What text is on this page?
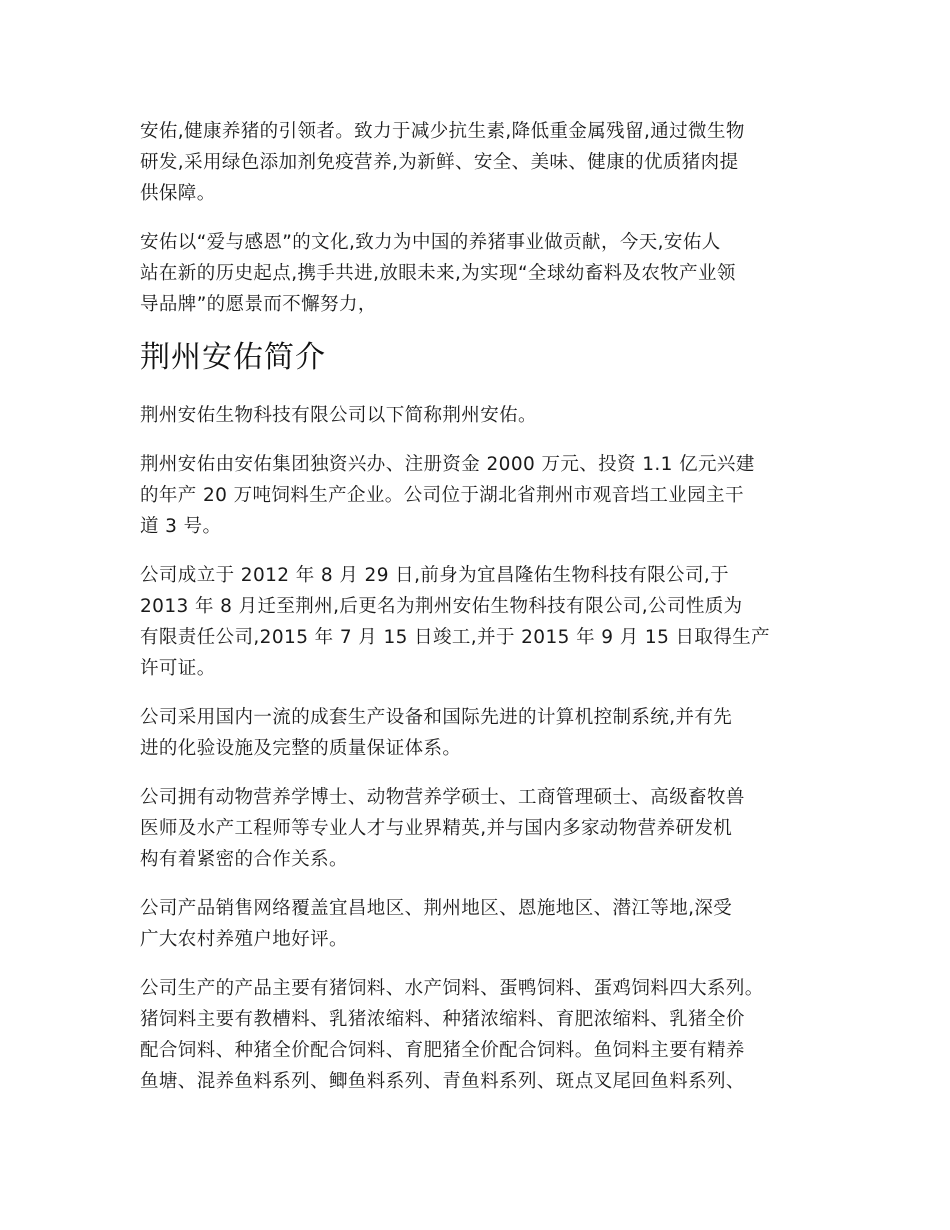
安佑,健康养猪的引领者。致力于减少抗生素,降低重金属残留,通过微生物
研发,采用绿色添加剂免疫营养,为新鲜、安全、美味、健康的优质猪肉提
供保障。

安佑以“爱与感恩”的文化,致力为中国的养猪事业做贡献，今天,安佑人
站在新的历史起点,携手共进,放眼未来,为实现“全球幼畜料及农牧产业领
导品牌”的愿景而不懈努力，

荆州安佑简介

荆州安佑生物科技有限公司以下简称荆州安佑。

荆州安佑由安佑集团独资兴办、注册资金 2000 万元、投资 1.1 亿元兴建
的年产 20 万吨饲料生产企业。公司位于湖北省荆州市观音垱工业园主干
道 3 号。

公司成立于 2012 年 8 月 29 日,前身为宜昌隆佑生物科技有限公司,于
2013 年 8 月迁至荆州,后更名为荆州安佑生物科技有限公司,公司性质为
有限责任公司,2015 年 7 月 15 日竣工,并于 2015 年 9 月 15 日取得生产
许可证。

公司采用国内一流的成套生产设备和国际先进的计算机控制系统,并有先
进的化验设施及完整的质量保证体系。

公司拥有动物营养学博士、动物营养学硕士、工商管理硕士、高级畜牧兽
医师及水产工程师等专业人才与业界精英,并与国内多家动物营养研发机
构有着紧密的合作关系。

公司产品销售网络覆盖宜昌地区、荆州地区、恩施地区、潜江等地,深受
广大农村养殖户地好评。

公司生产的产品主要有猪饲料、水产饲料、蛋鸭饲料、蛋鸡饲料四大系列。
猪饲料主要有教槽料、乳猪浓缩料、种猪浓缩料、育肥浓缩料、乳猪全价
配合饲料、种猪全价配合饲料、育肥猪全价配合饲料。鱼饲料主要有精养
鱼塘、混养鱼料系列、鲫鱼料系列、青鱼料系列、斑点叉尾回鱼料系列、
